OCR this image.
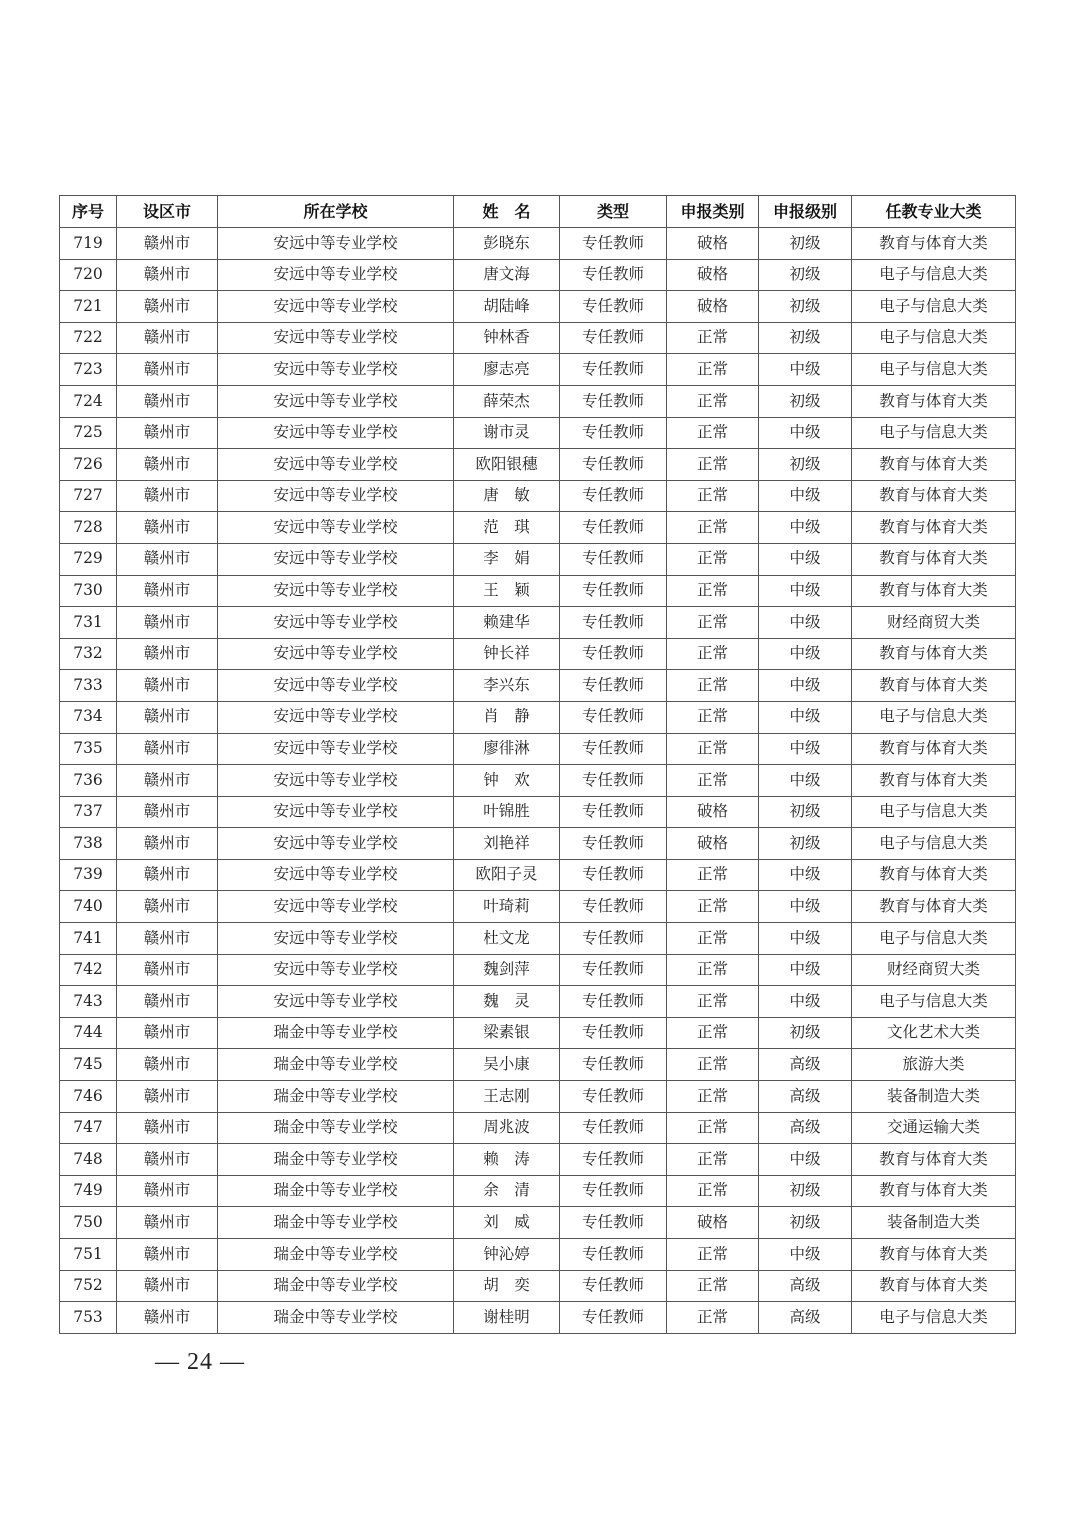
序号	设区市	所在学校	姓　名	类型	申报类别	申报级别	任教专业大类
719	赣州市	安远中等专业学校	彭晓东	专任教师	破格	初级	教育与体育大类
720	赣州市	安远中等专业学校	唐文海	专任教师	破格	初级	电子与信息大类
721	赣州市	安远中等专业学校	胡陆峰	专任教师	破格	初级	电子与信息大类
722	赣州市	安远中等专业学校	钟林香	专任教师	正常	初级	电子与信息大类
723	赣州市	安远中等专业学校	廖志亮	专任教师	正常	中级	电子与信息大类
724	赣州市	安远中等专业学校	薛荣杰	专任教师	正常	初级	教育与体育大类
725	赣州市	安远中等专业学校	谢市灵	专任教师	正常	中级	电子与信息大类
726	赣州市	安远中等专业学校	欧阳银穗	专任教师	正常	初级	教育与体育大类
727	赣州市	安远中等专业学校	唐　敏	专任教师	正常	中级	教育与体育大类
728	赣州市	安远中等专业学校	范　琪	专任教师	正常	中级	教育与体育大类
729	赣州市	安远中等专业学校	李　娟	专任教师	正常	中级	教育与体育大类
730	赣州市	安远中等专业学校	王　颖	专任教师	正常	中级	教育与体育大类
731	赣州市	安远中等专业学校	赖建华	专任教师	正常	中级	财经商贸大类
732	赣州市	安远中等专业学校	钟长祥	专任教师	正常	中级	教育与体育大类
733	赣州市	安远中等专业学校	李兴东	专任教师	正常	中级	教育与体育大类
734	赣州市	安远中等专业学校	肖　静	专任教师	正常	中级	电子与信息大类
735	赣州市	安远中等专业学校	廖徘淋	专任教师	正常	中级	教育与体育大类
736	赣州市	安远中等专业学校	钟　欢	专任教师	正常	中级	教育与体育大类
737	赣州市	安远中等专业学校	叶锦胜	专任教师	破格	初级	电子与信息大类
738	赣州市	安远中等专业学校	刘艳祥	专任教师	破格	初级	电子与信息大类
739	赣州市	安远中等专业学校	欧阳子灵	专任教师	正常	中级	教育与体育大类
740	赣州市	安远中等专业学校	叶琦莉	专任教师	正常	中级	教育与体育大类
741	赣州市	安远中等专业学校	杜文龙	专任教师	正常	中级	电子与信息大类
742	赣州市	安远中等专业学校	魏剑萍	专任教师	正常	中级	财经商贸大类
743	赣州市	安远中等专业学校	魏　灵	专任教师	正常	中级	电子与信息大类
744	赣州市	瑞金中等专业学校	梁素银	专任教师	正常	初级	文化艺术大类
745	赣州市	瑞金中等专业学校	吴小康	专任教师	正常	高级	旅游大类
746	赣州市	瑞金中等专业学校	王志刚	专任教师	正常	高级	装备制造大类
747	赣州市	瑞金中等专业学校	周兆波	专任教师	正常	高级	交通运输大类
748	赣州市	瑞金中等专业学校	赖　涛	专任教师	正常	中级	教育与体育大类
749	赣州市	瑞金中等专业学校	余　清	专任教师	正常	初级	教育与体育大类
750	赣州市	瑞金中等专业学校	刘　威	专任教师	破格	初级	装备制造大类
751	赣州市	瑞金中等专业学校	钟沁婷	专任教师	正常	中级	教育与体育大类
752	赣州市	瑞金中等专业学校	胡　奕	专任教师	正常	高级	教育与体育大类
753	赣州市	瑞金中等专业学校	谢桂明	专任教师	正常	高级	电子与信息大类
— 24 —
